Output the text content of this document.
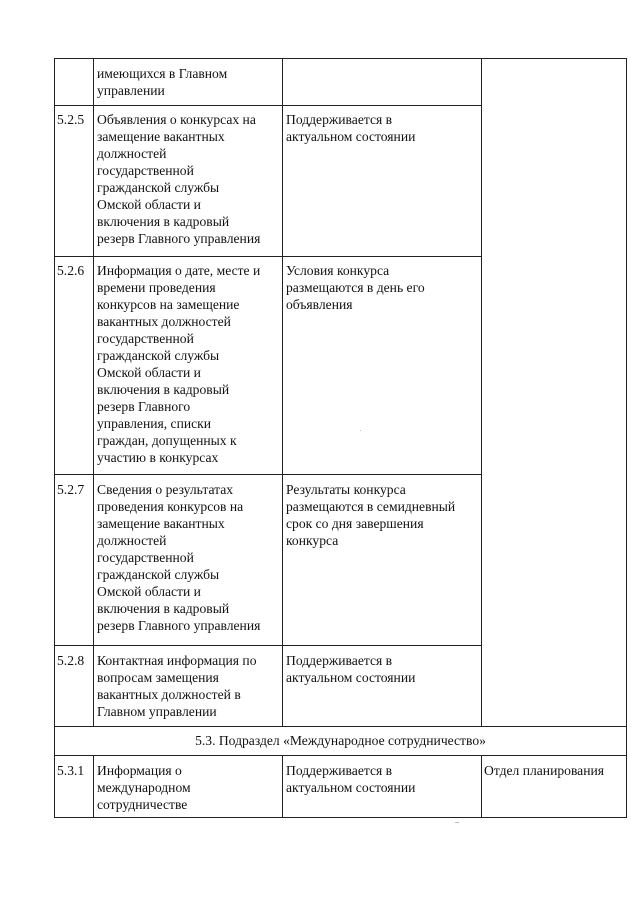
имеющихся в Главном
управлении
5.2.5 Объявления о конкурсах на
замещение вакантных
должностей
государственной
гражданской службы
Омской области и
включения в кадровый
резерв Главного управления
Поддерживается в
актуальном состоянии
5.2.6 Информация о дате, месте и
времени проведения
конкурсов на замещение
вакантных должностей
государственной
гражданской службы
Омской области и
включения в кадровый
резерв Главного
управления, списки
граждан, допущенных к
участию в конкурсах
Условия конкурса
размещаются в день его
объявления
5.2.7 Сведения о результатах
проведения конкурсов на
замещение вакантных
должностей
государственной
гражданской службы
Омской области и
включения в кадровый
резерв Главного управления
Результаты конкурса
размещаются в семидневный
срок со дня завершения
конкурса
5.2.8 Контактная информация по
вопросам замещения
вакантных должностей в
Главном управлении
Поддерживается в
актуальном состоянии
5.3. Подраздел «Международное сотрудничество»
5.3.1 Информация о
международном
сотрудничестве
Поддерживается в
актуальном состоянии
Отдел планирования
